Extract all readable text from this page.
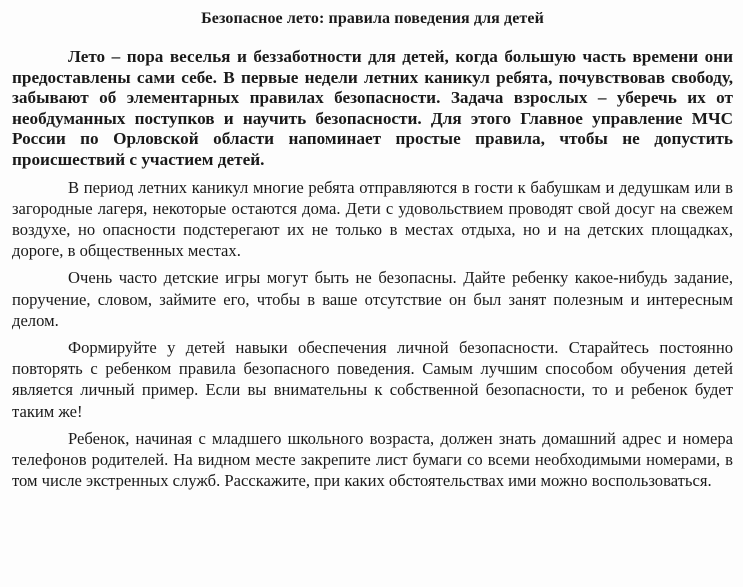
Безопасное лето: правила поведения для детей

Лето – пора веселья и беззаботности для детей, когда большую часть времени они предоставлены сами себе. В первые недели летних каникул ребята, почувствовав свободу, забывают об элементарных правилах безопасности. Задача взрослых – уберечь их от необдуманных поступков и научить безопасности. Для этого Главное управление МЧС России по Орловской области напоминает простые правила, чтобы не допустить происшествий с участием детей.

В период летних каникул многие ребята отправляются в гости к бабушкам и дедушкам или в загородные лагеря, некоторые остаются дома. Дети с удовольствием проводят свой досуг на свежем воздухе, но опасности подстерегают их не только в местах отдыха, но и на детских площадках, дороге, в общественных местах.

Очень часто детские игры могут быть не безопасны. Дайте ребенку какое-нибудь задание, поручение, словом, займите его, чтобы в ваше отсутствие он был занят полезным и интересным делом.

Формируйте у детей навыки обеспечения личной безопасности. Старайтесь постоянно повторять с ребенком правила безопасного поведения. Самым лучшим способом обучения детей является личный пример. Если вы внимательны к собственной безопасности, то и ребенок будет таким же!

Ребенок, начиная с младшего школьного возраста, должен знать домашний адрес и номера телефонов родителей. На видном месте закрепите лист бумаги со всеми необходимыми номерами, в том числе экстренных служб. Расскажите, при каких обстоятельствах ими можно воспользоваться.
